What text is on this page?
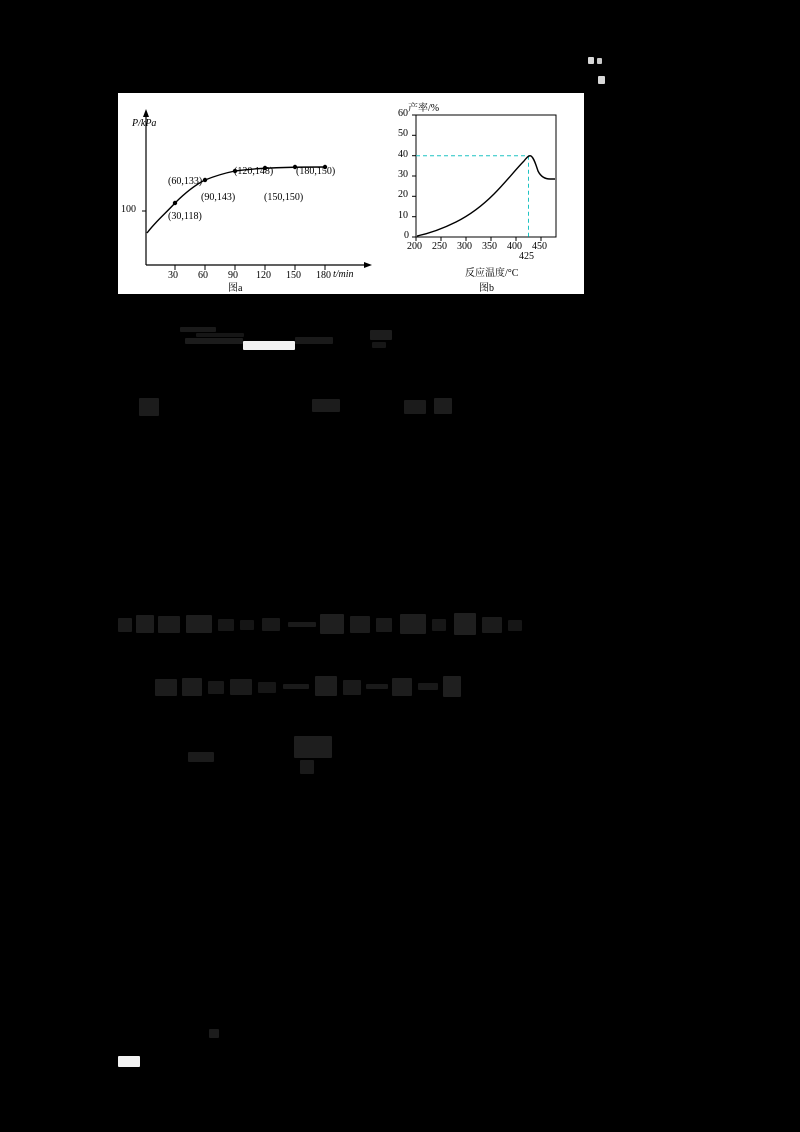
P/kPa
t/min
100
30 60 90 120 150 180
(30,118)
(60,133)
(90,143)
(120,148)
(150,150)
(180,150)
图a
产率/%
反应温度/°C
0
10
20
30
40
50
60
200 250 300 350 400 450
425
图b
